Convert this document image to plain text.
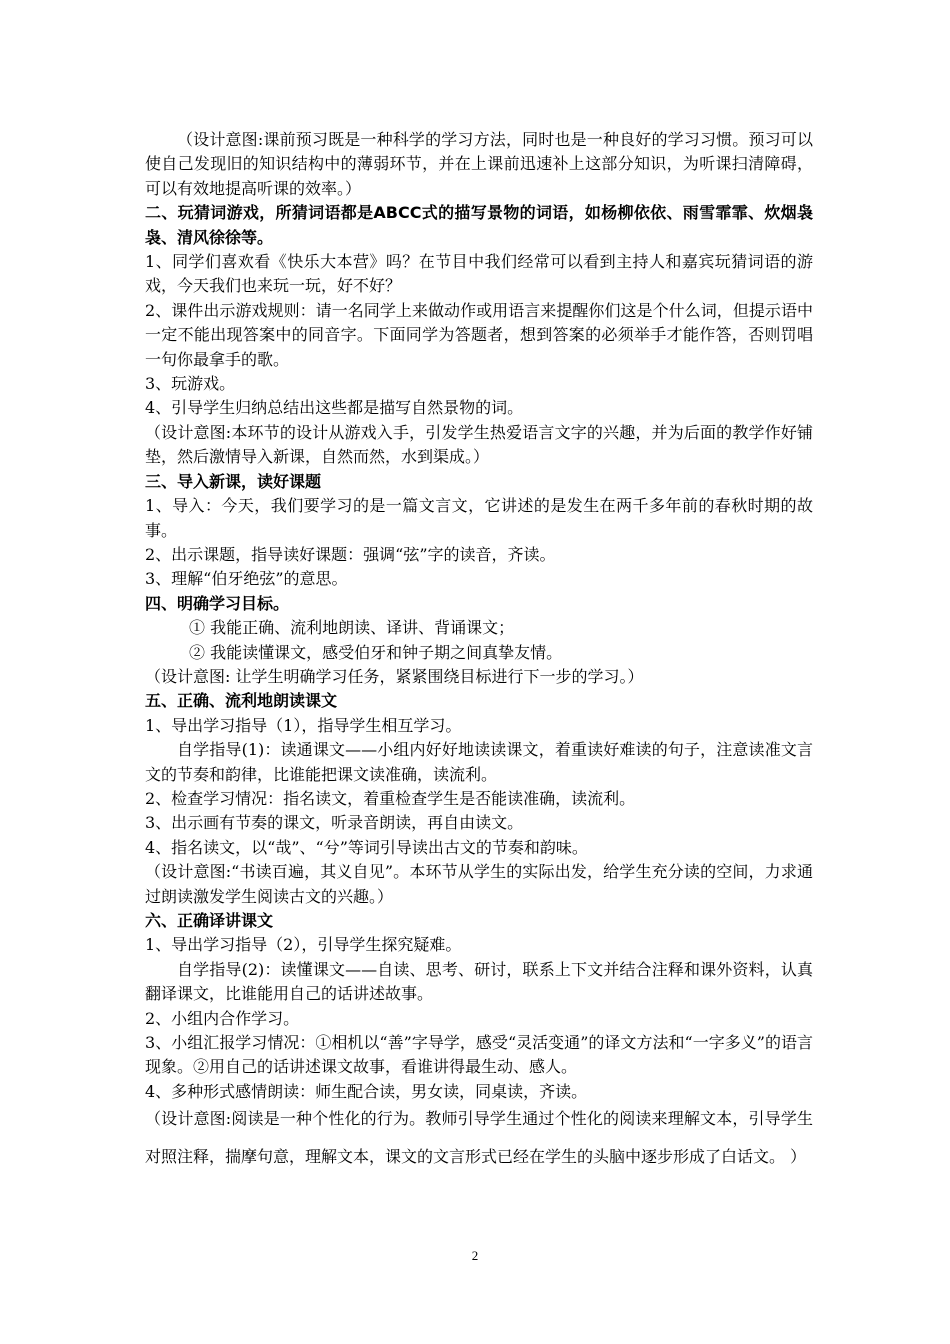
（设计意图:课前预习既是一种科学的学习方法，同时也是一种良好的学习习惯。预习可以使自己发现旧的知识结构中的薄弱环节，并在上课前迅速补上这部分知识，为听课扫清障碍，可以有效地提高听课的效率。）

二、玩猜词游戏，所猜词语都是ABCC式的描写景物的词语，如杨柳依依、雨雪霏霏、炊烟袅袅、清风徐徐等。

1、同学们喜欢看《快乐大本营》吗？在节目中我们经常可以看到主持人和嘉宾玩猜词语的游戏，今天我们也来玩一玩，好不好？

2、课件出示游戏规则：请一名同学上来做动作或用语言来提醒你们这是个什么词，但提示语中一定不能出现答案中的同音字。下面同学为答题者，想到答案的必须举手才能作答，否则罚唱一句你最拿手的歌。

3、玩游戏。

4、引导学生归纳总结出这些都是描写自然景物的词。

（设计意图:本环节的设计从游戏入手，引发学生热爱语言文字的兴趣，并为后面的教学作好铺垫，然后激情导入新课，自然而然，水到渠成。）

三、导入新课，读好课题

1、导入：今天，我们要学习的是一篇文言文，它讲述的是发生在两千多年前的春秋时期的故事。

2、出示课题，指导读好课题：强调“弦”字的读音，齐读。

3、理解“伯牙绝弦”的意思。

四、明确学习目标。

① 我能正确、流利地朗读、译讲、背诵课文；

② 我能读懂课文，感受伯牙和钟子期之间真挚友情。

（设计意图: 让学生明确学习任务，紧紧围绕目标进行下一步的学习。）

五、正确、流利地朗读课文

1、导出学习指导（1），指导学生相互学习。

自学指导(1)：读通课文——小组内好好地读读课文，着重读好难读的句子，注意读准文言文的节奏和韵律，比谁能把课文读准确，读流利。

2、检查学习情况：指名读文，着重检查学生是否能读准确，读流利。

3、出示画有节奏的课文，听录音朗读，再自由读文。

4、指名读文，以“哉”、“兮”等词引导读出古文的节奏和韵味。

（设计意图:“书读百遍，其义自见”。本环节从学生的实际出发，给学生充分读的空间，力求通过朗读激发学生阅读古文的兴趣。）

六、正确译讲课文

1、导出学习指导（2），引导学生探究疑难。

自学指导(2)：读懂课文——自读、思考、研讨，联系上下文并结合注释和课外资料，认真翻译课文，比谁能用自己的话讲述故事。

2、小组内合作学习。

3、小组汇报学习情况：①相机以“善”字导学，感受“灵活变通”的译文方法和“一字多义”的语言现象。②用自己的话讲述课文故事，看谁讲得最生动、感人。

4、多种形式感情朗读：师生配合读，男女读，同桌读，齐读。

（设计意图:阅读是一种个性化的行为。教师引导学生通过个性化的阅读来理解文本，引导学生对照注释，揣摩句意，理解文本，课文的文言形式已经在学生的头脑中逐步形成了白话文。 ）

2
